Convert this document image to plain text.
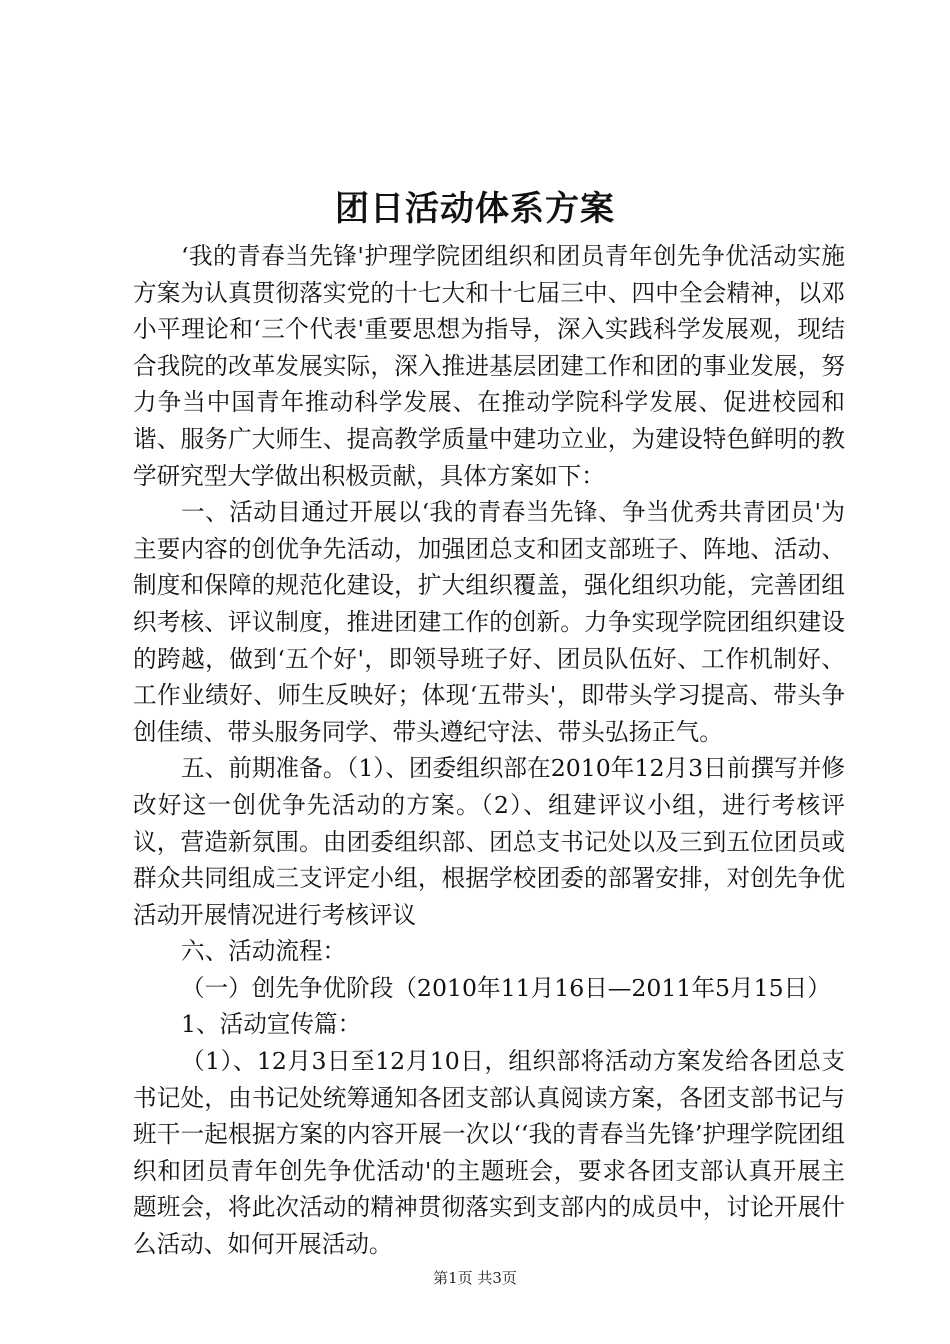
团日活动体系方案

‘我的青春当先锋'护理学院团组织和团员青年创先争优活动实施方案为认真贯彻落实党的十七大和十七届三中、四中全会精神，以邓小平理论和‘三个代表'重要思想为指导，深入实践科学发展观，现结合我院的改革发展实际，深入推进基层团建工作和团的事业发展，努力争当中国青年推动科学发展、在推动学院科学发展、促进校园和谐、服务广大师生、提高教学质量中建功立业，为建设特色鲜明的教学研究型大学做出积极贡献，具体方案如下：

一、活动目通过开展以‘我的青春当先锋、争当优秀共青团员'为主要内容的创优争先活动，加强团总支和团支部班子、阵地、活动、制度和保障的规范化建设，扩大组织覆盖，强化组织功能，完善团组织考核、评议制度，推进团建工作的创新。力争实现学院团组织建设的跨越，做到‘五个好'，即领导班子好、团员队伍好、工作机制好、工作业绩好、师生反映好；体现‘五带头'，即带头学习提高、带头争创佳绩、带头服务同学、带头遵纪守法、带头弘扬正气。

五、前期准备。（1）、团委组织部在2010年12月3日前撰写并修改好这一创优争先活动的方案。（2）、组建评议小组，进行考核评议，营造新氛围。由团委组织部、团总支书记处以及三到五位团员或群众共同组成三支评定小组，根据学校团委的部署安排，对创先争优活动开展情况进行考核评议

六、活动流程：

（一）创先争优阶段（2010年11月16日—2011年5月15日）

1、活动宣传篇：

（1）、12月3日至12月10日，组织部将活动方案发给各团总支书记处，由书记处统筹通知各团支部认真阅读方案，各团支部书记与班干一起根据方案的内容开展一次以‘‘我的青春当先锋’护理学院团组织和团员青年创先争优活动'的主题班会，要求各团支部认真开展主题班会，将此次活动的精神贯彻落实到支部内的成员中，讨论开展什么活动、如何开展活动。

第1页 共3页
